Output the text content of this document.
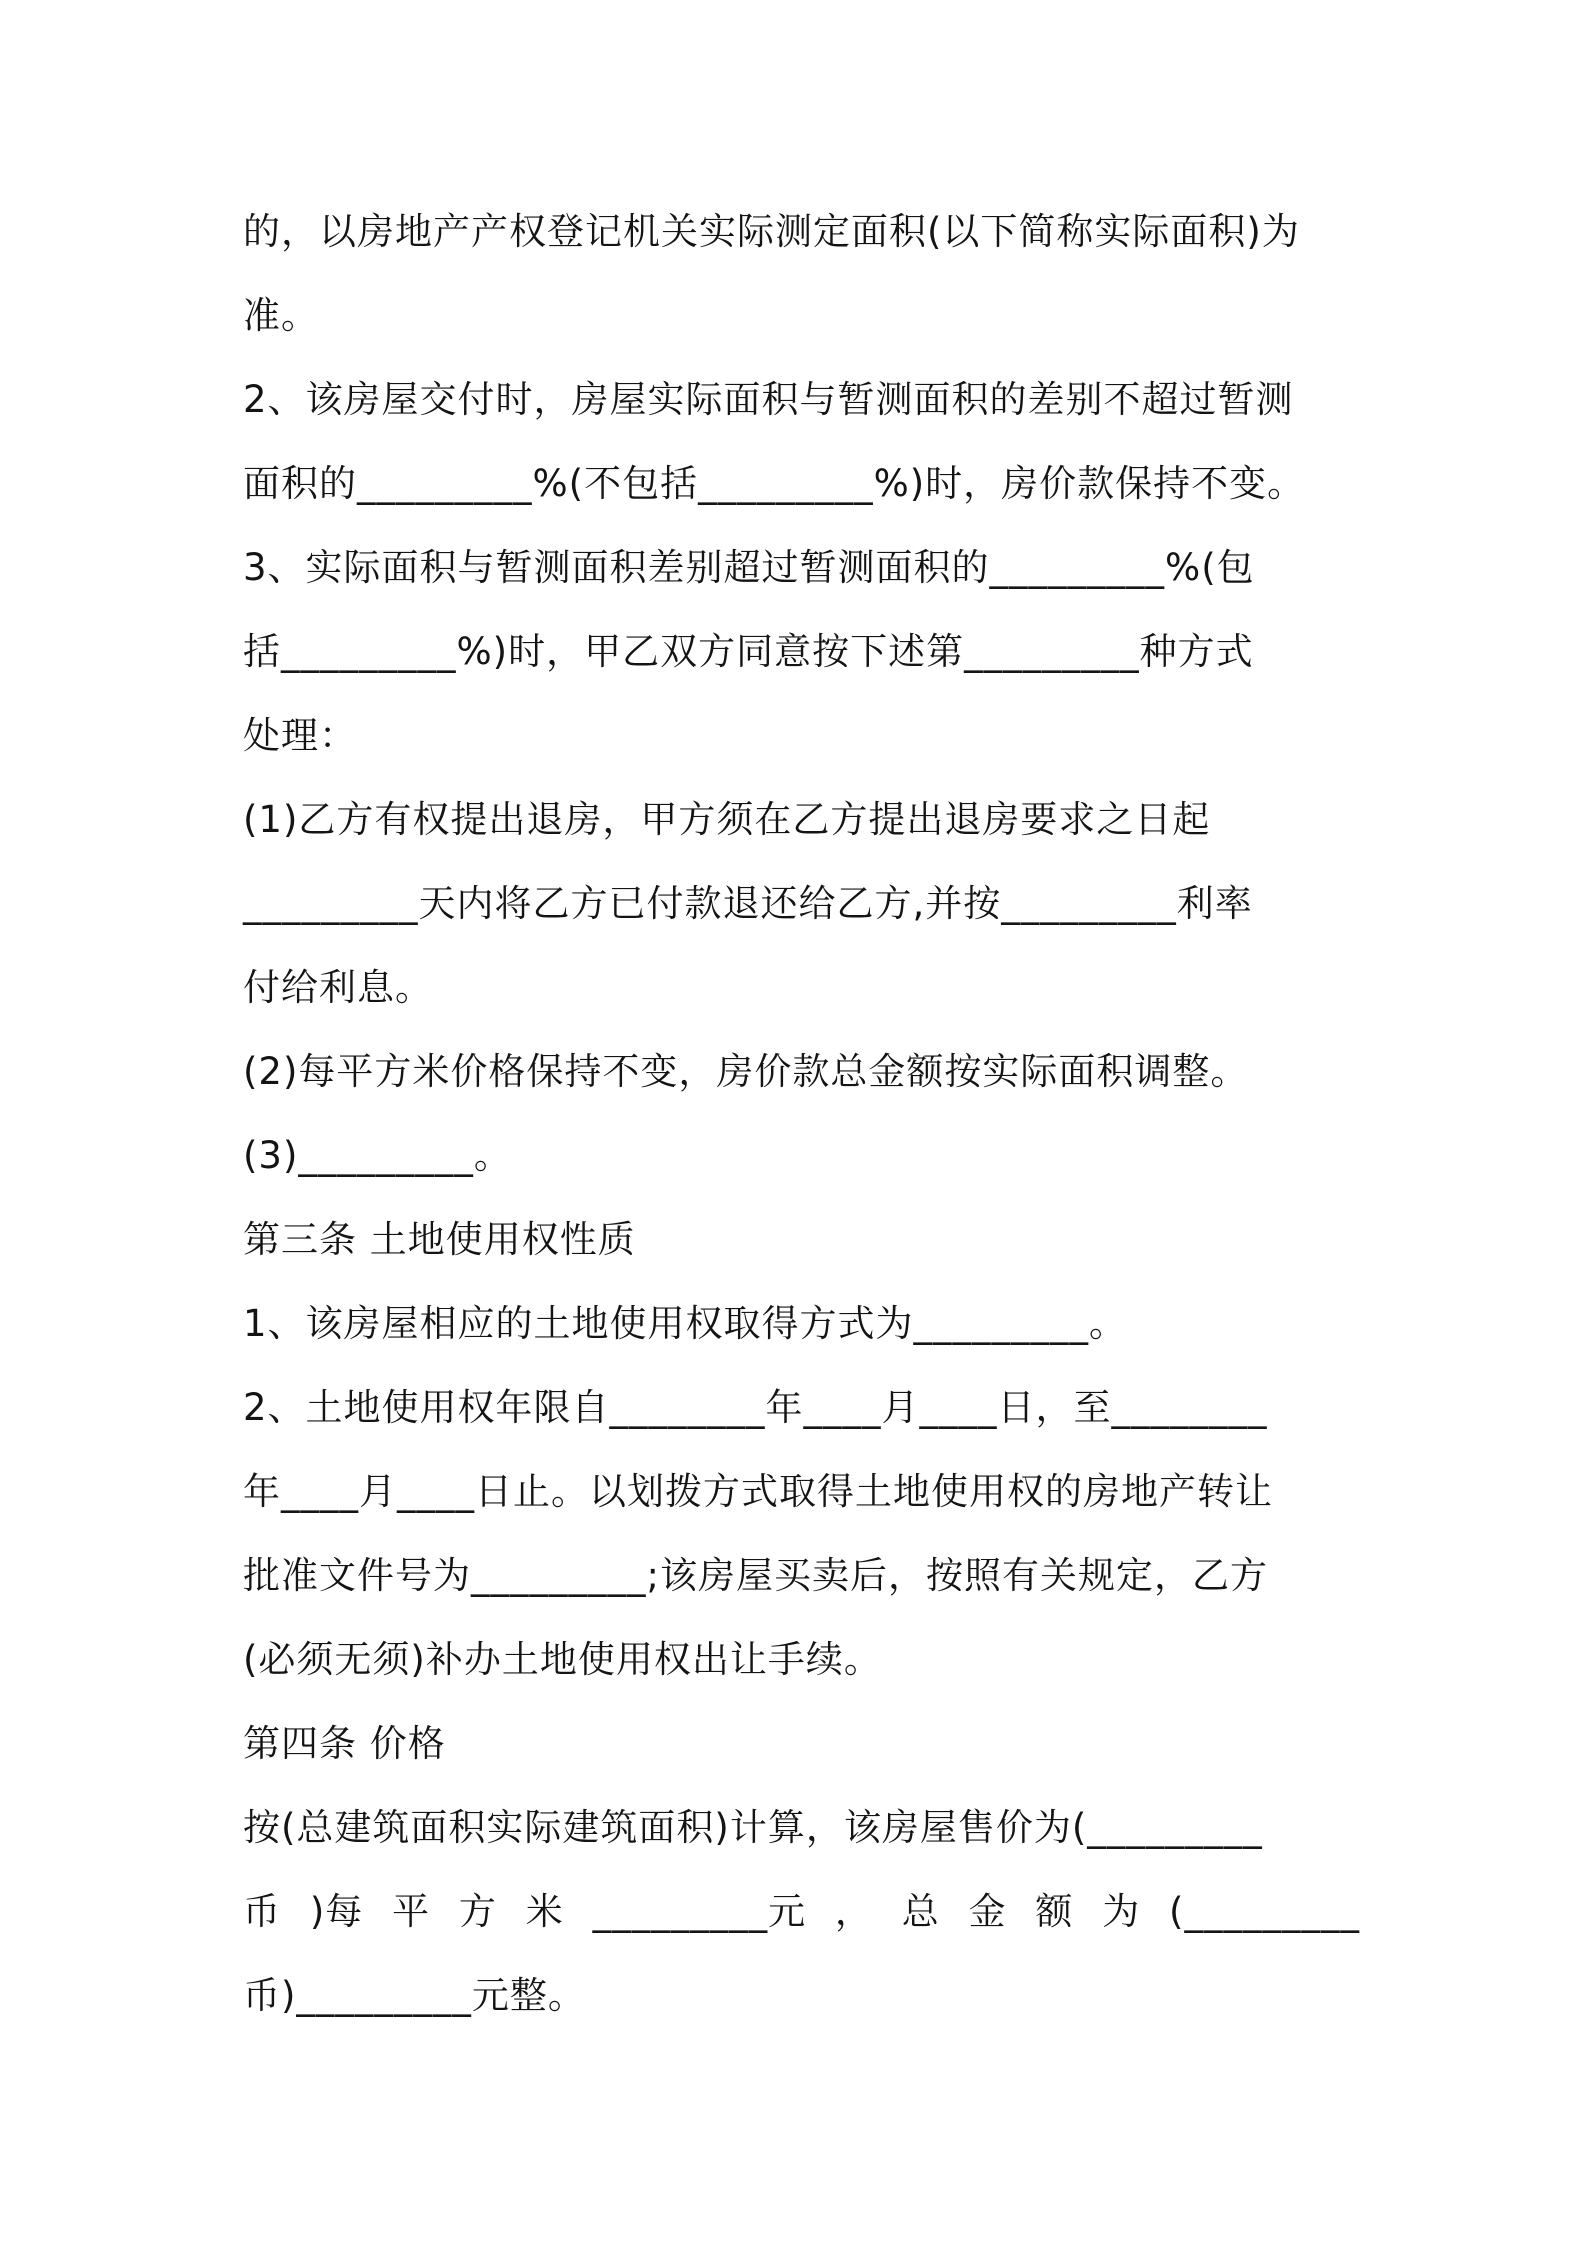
的，以房地产产权登记机关实际测定面积(以下简称实际面积)为
准。
2、该房屋交付时，房屋实际面积与暂测面积的差别不超过暂测
面积的_________%(不包括_________%)时，房价款保持不变。
3、实际面积与暂测面积差别超过暂测面积的_________%(包
括_________%)时，甲乙双方同意按下述第_________种方式
处理：
(1)乙方有权提出退房，甲方须在乙方提出退房要求之日起
_________天内将乙方已付款退还给乙方,并按_________利率
付给利息。
(2)每平方米价格保持不变，房价款总金额按实际面积调整。
(3)_________。
第三条 土地使用权性质
1、该房屋相应的土地使用权取得方式为_________。
2、土地使用权年限自________年____月____日，至________
年____月____日止。以划拨方式取得土地使用权的房地产转让
批准文件号为_________;该房屋买卖后，按照有关规定，乙方
(必须无须)补办土地使用权出让手续。
第四条 价格
按(总建筑面积实际建筑面积)计算，该房屋售价为(_________
币 )每 平 方 米 _________元 ， 总 金 额 为 (_________
币)_________元整。
